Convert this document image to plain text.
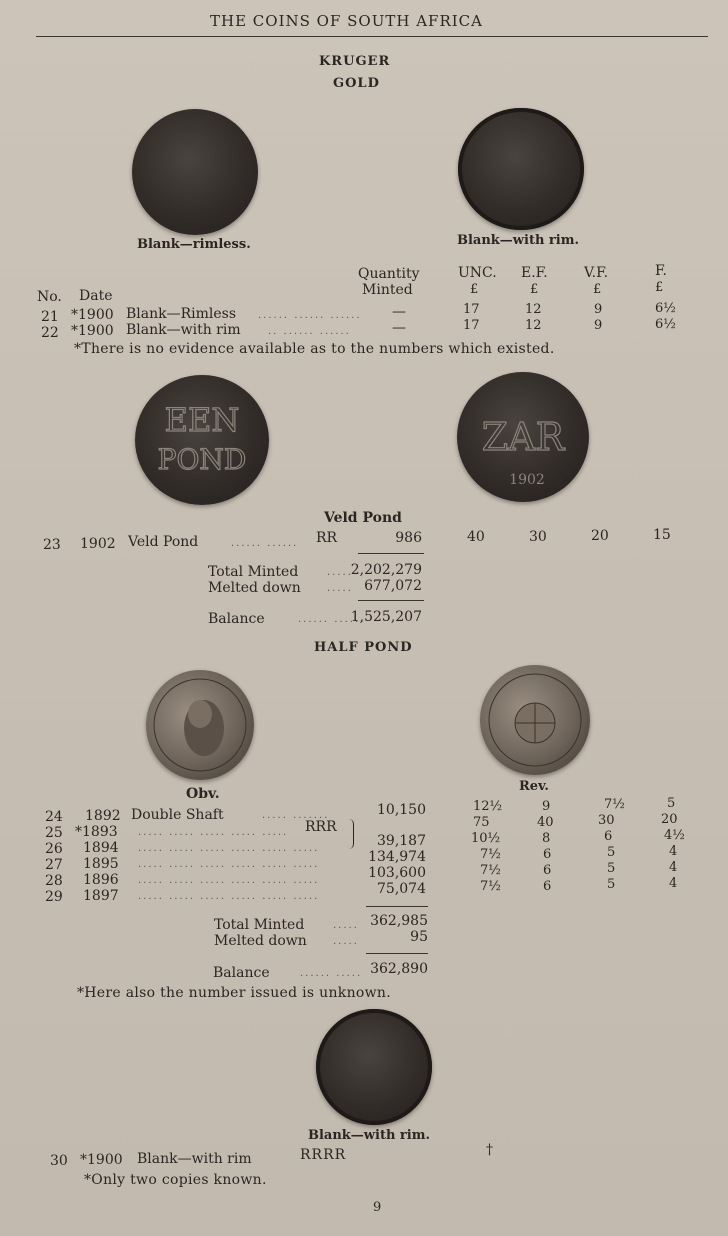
THE COINS OF SOUTH AFRICA
KRUGER
GOLD
Blank—rimless.	Blank—with rim.
Quantity
Minted
UNC. E.F.	V.F.	F.
£	£	£	£
No. Date
21 *1900 Blank—Rimless ...... ...... ...... —	17	12	9	6½
22 *1900 Blank—with rim	.. ...... ......	—	17	12	9	6½
*There is no evidence available as to the numbers which existed.
EEN
POND
ZAR
1902
Veld Pond
23 1902 Veld Pond	...... ...... RR	986	40	30	20	15
Total Minted	.....
2,202,279
Melted down	..... 677,072
Balance	...... ......
1,525,207
HALF POND
Obv.	Rev.
24 1892 Double Shaft	..... .......	10,150	12½	9	7½	5
25 *1893 ..... ..... ..... ..... ..... RRR	75	40	30	20
26 1894 ..... ..... ..... ..... ..... .....	39,187	10½	8	6	4½
27 1895 ..... ..... ..... ..... ..... .....	134,974	7½	6	5	4
28 1896 ..... ..... ..... ..... ..... .....	103,600	7½	6	5	4
29 1897 ..... ..... ..... ..... ..... .....	75,074	7½	6	5	4
Total Minted	..... 362,985
Melted down	.....	95
Balance	...... ..... 362,890
*Here also the number issued is unknown.
Blank—with rim.
30 *1900 Blank—with rim	RRRR	†
*Only two copies known.
9
